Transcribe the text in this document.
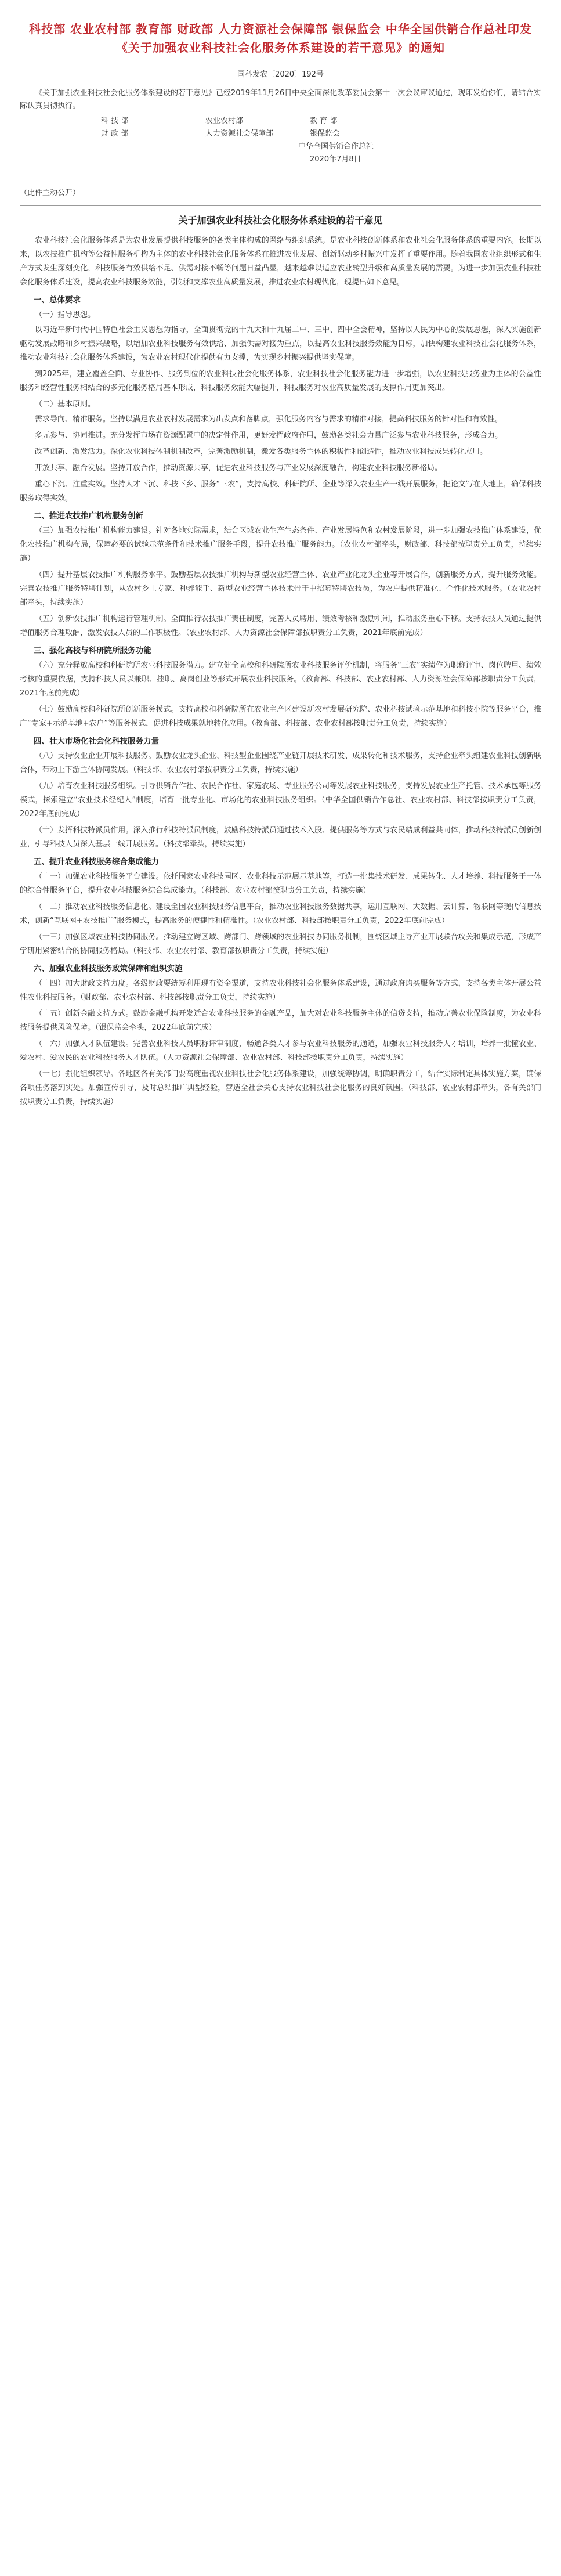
科技部 农业农村部 教育部 财政部 人力资源社会保障部 银保监会 中华全国供销合作总社印发《关于加强农业科技社会化服务体系建设的若干意见》的通知
国科发农〔2020〕192号

《关于加强农业科技社会化服务体系建设的若干意见》已经2019年11月26日中央全面深化改革委员会第十一次会议审议通过，现印发给你们，请结合实际认真贯彻执行。

科 技 部	农业农村部	教 育 部
财 政 部	人力资源社会保障部	银保监会
中华全国供销合作总社
2020年7月8日
（此件主动公开）
关于加强农业科技社会化服务体系建设的若干意见

农业科技社会化服务体系是为农业发展提供科技服务的各类主体构成的网络与组织系统。是农业科技创新体系和农业社会化服务体系的重要内容。长期以来，以农技推广机构等公益性服务机构为主体的农业科技社会化服务体系在推进农业发展、创新驱动乡村振兴中发挥了重要作用。随着我国农业组织形式和生产方式发生深刻变化，科技服务有效供给不足、供需对接不畅等问题日益凸显，越来越难以适应农业转型升级和高质量发展的需要。为进一步加强农业科技社会化服务体系建设，提高农业科技服务效能，引领和支撑农业高质量发展，推进农业农村现代化，现提出如下意见。

一、总体要求
（一）指导思想。

以习近平新时代中国特色社会主义思想为指导，全面贯彻党的十九大和十九届二中、三中、四中全会精神，坚持以人民为中心的发展思想，深入实施创新驱动发展战略和乡村振兴战略，以增加农业科技服务有效供给、加强供需对接为重点，以提高农业科技服务效能为目标，加快构建农业科技社会化服务体系，推动农业科技社会化服务体系建设，为农业农村现代化提供有力支撑，为实现乡村振兴提供坚实保障。

到2025年，建立覆盖全面、专业协作、服务到位的农业科技社会化服务体系，农业科技社会化服务能力进一步增强，以农业科技服务业为主体的公益性服务和经营性服务相结合的多元化服务格局基本形成，科技服务效能大幅提升，科技服务对农业高质量发展的支撑作用更加突出。

（二）基本原则。

需求导向、精准服务。坚持以满足农业农村发展需求为出发点和落脚点，强化服务内容与需求的精准对接，提高科技服务的针对性和有效性。

多元参与、协同推进。充分发挥市场在资源配置中的决定性作用，更好发挥政府作用，鼓励各类社会力量广泛参与农业科技服务，形成合力。

改革创新、激发活力。深化农业科技体制机制改革，完善激励机制，激发各类服务主体的积极性和创造性，推动农业科技成果转化应用。

开放共享、融合发展。坚持开放合作，推动资源共享，促进农业科技服务与产业发展深度融合，构建农业科技服务新格局。

重心下沉、注重实效。坚持人才下沉、科技下乡、服务“三农”，支持高校、科研院所、企业等深入农业生产一线开展服务，把论文写在大地上，确保科技服务取得实效。

二、推进农技推广机构服务创新

（三）加强农技推广机构能力建设。针对各地实际需求，结合区域农业生产生态条件、产业发展特色和农村发展阶段，进一步加强农技推广体系建设，优化农技推广机构布局，保障必要的试验示范条件和技术推广服务手段，提升农技推广服务能力。（农业农村部牵头，财政部、科技部按职责分工负责，持续实施）

（四）提升基层农技推广机构服务水平。鼓励基层农技推广机构与新型农业经营主体、农业产业化龙头企业等开展合作，创新服务方式，提升服务效能。完善农技推广服务特聘计划，从农村乡土专家、种养能手、新型农业经营主体技术骨干中招募特聘农技员，为农户提供精准化、个性化技术服务。（农业农村部牵头，持续实施）

（五）创新农技推广机构运行管理机制。全面推行农技推广责任制度，完善人员聘用、绩效考核和激励机制，推动服务重心下移。支持农技人员通过提供增值服务合理取酬，激发农技人员的工作积极性。（农业农村部、人力资源社会保障部按职责分工负责，2021年底前完成）

三、强化高校与科研院所服务功能

（六）充分释放高校和科研院所农业科技服务潜力。建立健全高校和科研院所农业科技服务评价机制，将服务“三农”实绩作为职称评审、岗位聘用、绩效考核的重要依据，支持科技人员以兼职、挂职、离岗创业等形式开展农业科技服务。（教育部、科技部、农业农村部、人力资源社会保障部按职责分工负责，2021年底前完成）

（七）鼓励高校和科研院所创新服务模式。支持高校和科研院所在农业主产区建设新农村发展研究院、农业科技试验示范基地和科技小院等服务平台，推广“专家+示范基地+农户”等服务模式，促进科技成果就地转化应用。（教育部、科技部、农业农村部按职责分工负责，持续实施）

四、壮大市场化社会化科技服务力量

（八）支持农业企业开展科技服务。鼓励农业龙头企业、科技型企业围绕产业链开展技术研发、成果转化和技术服务，支持企业牵头组建农业科技创新联合体，带动上下游主体协同发展。（科技部、农业农村部按职责分工负责，持续实施）

（九）培育农业科技服务组织。引导供销合作社、农民合作社、家庭农场、专业服务公司等发展农业科技服务，支持发展农业生产托管、技术承包等服务模式，探索建立“农业技术经纪人”制度，培育一批专业化、市场化的农业科技服务组织。（中华全国供销合作总社、农业农村部、科技部按职责分工负责，2022年底前完成）

（十）发挥科技特派员作用。深入推行科技特派员制度，鼓励科技特派员通过技术入股、提供服务等方式与农民结成利益共同体，推动科技特派员创新创业，引导科技人员深入基层一线开展服务。（科技部牵头，持续实施）

五、提升农业科技服务综合集成能力

（十一）加强农业科技服务平台建设。依托国家农业科技园区、农业科技示范展示基地等，打造一批集技术研发、成果转化、人才培养、科技服务于一体的综合性服务平台，提升农业科技服务综合集成能力。（科技部、农业农村部按职责分工负责，持续实施）

（十二）推动农业科技服务信息化。建设全国农业科技服务信息平台，推动农业科技服务数据共享，运用互联网、大数据、云计算、物联网等现代信息技术，创新“互联网+农技推广”服务模式，提高服务的便捷性和精准性。（农业农村部、科技部按职责分工负责，2022年底前完成）

（十三）加强区域农业科技协同服务。推动建立跨区域、跨部门、跨领域的农业科技协同服务机制，围绕区域主导产业开展联合攻关和集成示范，形成产学研用紧密结合的协同服务格局。（科技部、农业农村部、教育部按职责分工负责，持续实施）

六、加强农业科技服务政策保障和组织实施

（十四）加大财政支持力度。各级财政要统筹利用现有资金渠道，支持农业科技社会化服务体系建设，通过政府购买服务等方式，支持各类主体开展公益性农业科技服务。（财政部、农业农村部、科技部按职责分工负责，持续实施）

（十五）创新金融支持方式。鼓励金融机构开发适合农业科技服务的金融产品，加大对农业科技服务主体的信贷支持，推动完善农业保险制度，为农业科技服务提供风险保障。（银保监会牵头，2022年底前完成）

（十六）加强人才队伍建设。完善农业科技人员职称评审制度，畅通各类人才参与农业科技服务的通道，加强农业科技服务人才培训，培养一批懂农业、爱农村、爱农民的农业科技服务人才队伍。（人力资源社会保障部、农业农村部、科技部按职责分工负责，持续实施）

（十七）强化组织领导。各地区各有关部门要高度重视农业科技社会化服务体系建设，加强统筹协调，明确职责分工，结合实际制定具体实施方案，确保各项任务落到实处。加强宣传引导，及时总结推广典型经验，营造全社会关心支持农业科技社会化服务的良好氛围。（科技部、农业农村部牵头，各有关部门按职责分工负责，持续实施）
